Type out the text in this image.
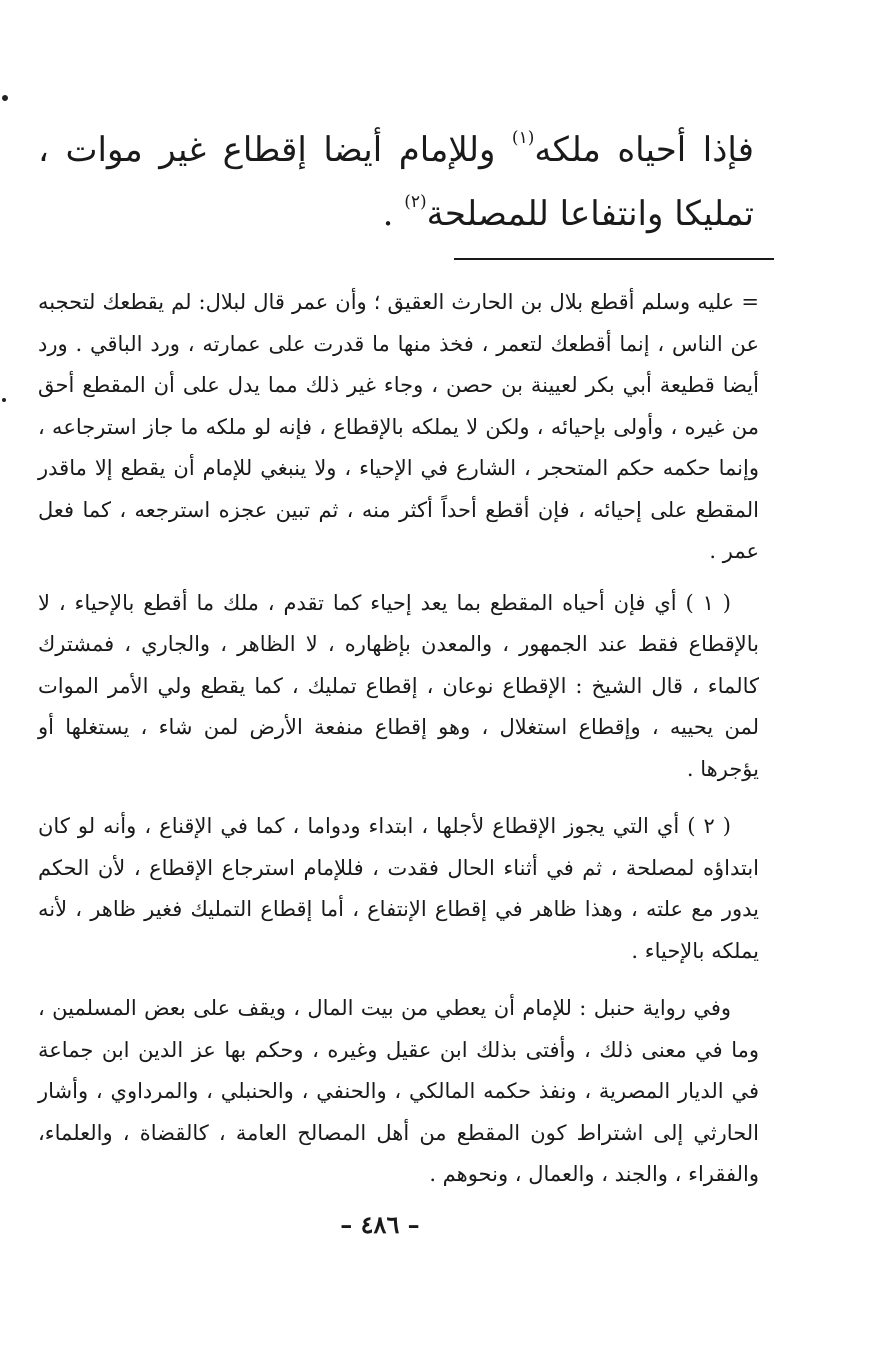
فإذا أحياه ملكه$^{(١)}$ وللإمام أيضا إقطاع غير موات ، تمليكا وانتفاعا للمصلحة$^{(٢)}$ .

= عليه وسلم أقطع بلال بن الحارث العقيق ؛ وأن عمر قال لبلال: لم يقطعك لتحجبه عن الناس ، إنما أقطعك لتعمر ، فخذ منها ما قدرت على عمارته ، ورد الباقي . ورد أيضا قطيعة أبي بكر لعيينة بن حصن ، وجاء غير ذلك مما يدل على أن المقطع أحق من غيره ، وأولى بإحيائه ، ولكن لا يملكه بالإقطاع ، فإنه لو ملكه ما جاز استرجاعه ، وإنما حكمه حكم المتحجر ، الشارع في الإحياء ، ولا ينبغي للإمام أن يقطع إلا ماقدر المقطع على إحيائه ، فإن أقطع أحداً أكثر منه ، ثم تبين عجزه استرجعه ، كما فعل عمر .

( ١ ) أي فإن أحياه المقطع بما يعد إحياء كما تقدم ، ملك ما أقطع بالإحياء ، لا بالإقطاع فقط عند الجمهور ، والمعدن بإظهاره ، لا الظاهر ، والجاري ، فمشترك كالماء ، قال الشيخ : الإقطاع نوعان ، إقطاع تمليك ، كما يقطع ولي الأمر الموات لمن يحييه ، وإقطاع استغلال ، وهو إقطاع منفعة الأرض لمن شاء ، يستغلها أو يؤجرها .

( ٢ ) أي التي يجوز الإقطاع لأجلها ، ابتداء ودواما ، كما في الإقناع ، وأنه لو كان ابتداؤه لمصلحة ، ثم في أثناء الحال فقدت ، فللإمام استرجاع الإقطاع ، لأن الحكم يدور مع علته ، وهذا ظاهر في إقطاع الإنتفاع ، أما إقطاع التمليك فغير ظاهر ، لأنه يملكه بالإحياء .

وفي رواية حنبل : للإمام أن يعطي من بيت المال ، ويقف على بعض المسلمين ، وما في معنى ذلك ، وأفتى بذلك ابن عقيل وغيره ، وحكم بها عز الدين ابن جماعة في الديار المصرية ، ونفذ حكمه المالكي ، والحنفي ، والحنبلي ، والمرداوي ، وأشار الحارثي إلى اشتراط كون المقطع من أهل المصالح العامة ، كالقضاة ، والعلماء، والفقراء ، والجند ، والعمال ، ونحوهم .

– ٤٨٦ –
